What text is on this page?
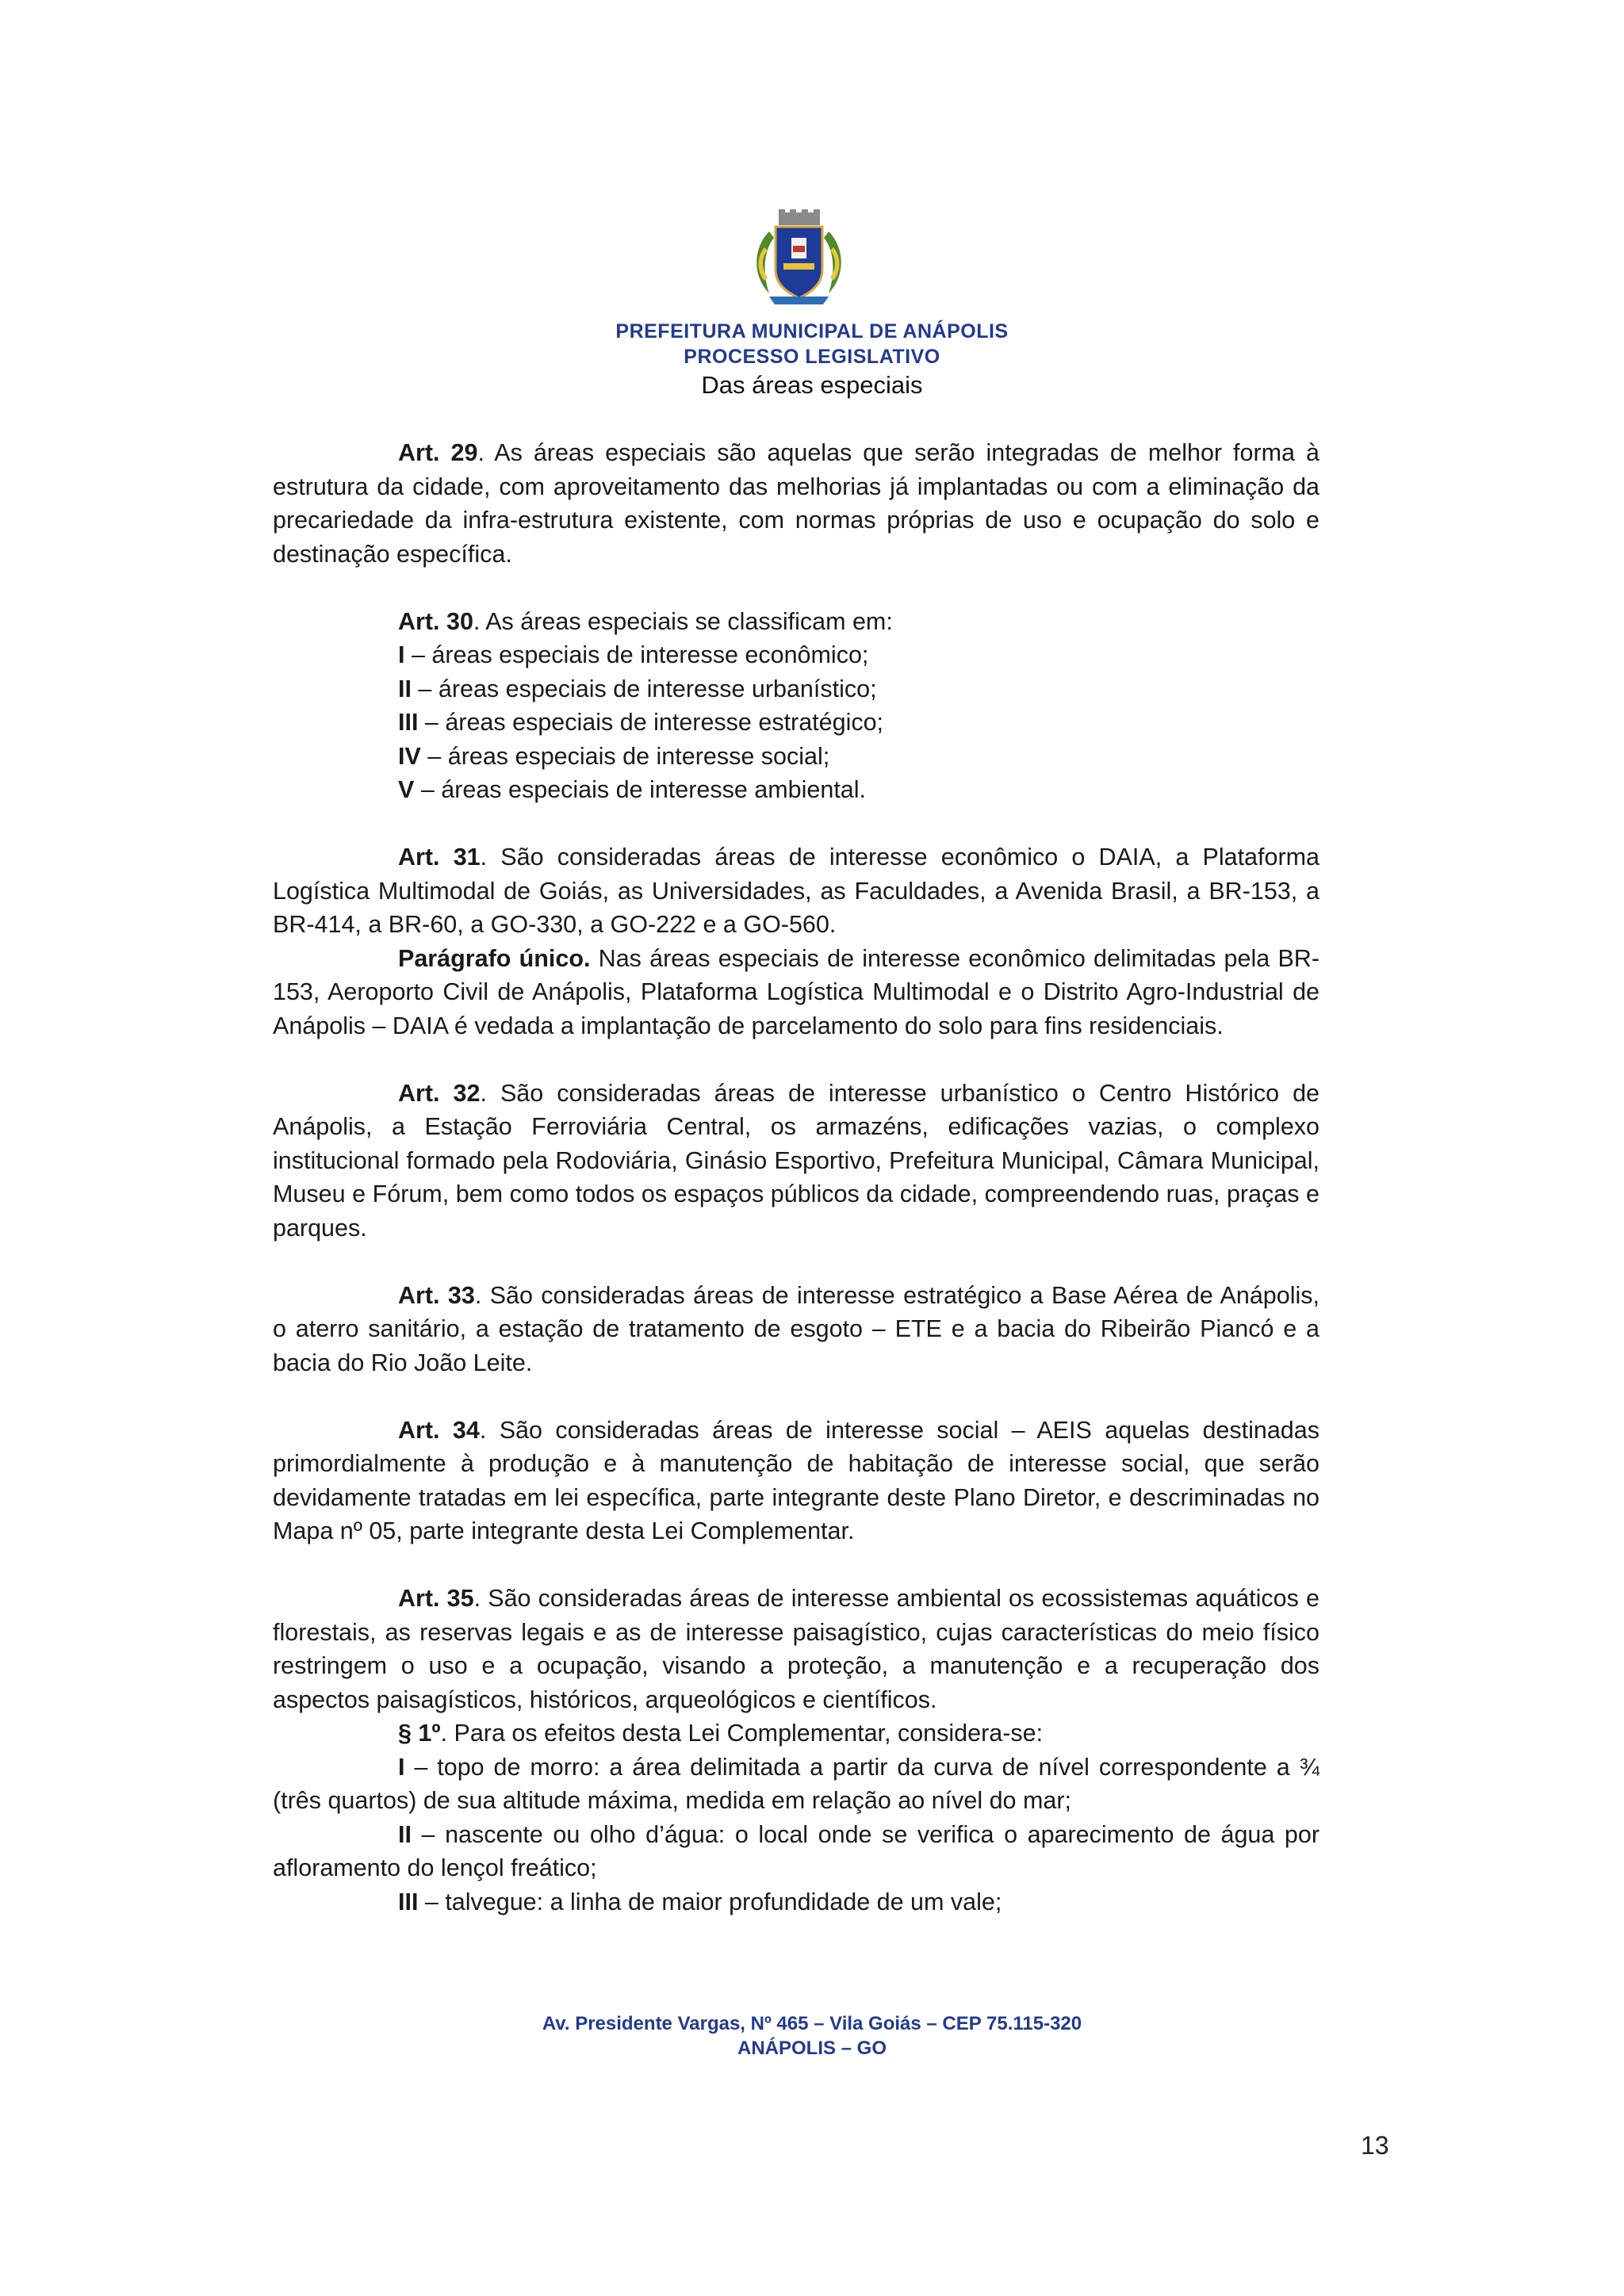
PREFEITURA MUNICIPAL DE ANÁPOLIS
PROCESSO LEGISLATIVO
Das áreas especiais

Art. 29. As áreas especiais são aquelas que serão integradas de melhor forma à estrutura da cidade, com aproveitamento das melhorias já implantadas ou com a eliminação da precariedade da infra-estrutura existente, com normas próprias de uso e ocupação do solo e destinação específica.

Art. 30. As áreas especiais se classificam em:

I – áreas especiais de interesse econômico;

II – áreas especiais de interesse urbanístico;

III – áreas especiais de interesse estratégico;

IV – áreas especiais de interesse social;

V – áreas especiais de interesse ambiental.

Art. 31. São consideradas áreas de interesse econômico o DAIA, a Plataforma Logística Multimodal de Goiás, as Universidades, as Faculdades, a Avenida Brasil, a BR-153, a BR-414, a BR-60, a GO-330, a GO-222 e a GO-560.

Parágrafo único. Nas áreas especiais de interesse econômico delimitadas pela BR-153, Aeroporto Civil de Anápolis, Plataforma Logística Multimodal e o Distrito Agro-Industrial de Anápolis – DAIA é vedada a implantação de parcelamento do solo para fins residenciais.

Art. 32. São consideradas áreas de interesse urbanístico o Centro Histórico de Anápolis, a Estação Ferroviária Central, os armazéns, edificações vazias, o complexo institucional formado pela Rodoviária, Ginásio Esportivo, Prefeitura Municipal, Câmara Municipal, Museu e Fórum, bem como todos os espaços públicos da cidade, compreendendo ruas, praças e parques.

Art. 33. São consideradas áreas de interesse estratégico a Base Aérea de Anápolis, o aterro sanitário, a estação de tratamento de esgoto – ETE e a bacia do Ribeirão Piancó e a bacia do Rio João Leite.

Art. 34. São consideradas áreas de interesse social – AEIS aquelas destinadas primordialmente à produção e à manutenção de habitação de interesse social, que serão devidamente tratadas em lei específica, parte integrante deste Plano Diretor, e descriminadas no Mapa nº 05, parte integrante desta Lei Complementar.

Art. 35. São consideradas áreas de interesse ambiental os ecossistemas aquáticos e florestais, as reservas legais e as de interesse paisagístico, cujas características do meio físico restringem o uso e a ocupação, visando a proteção, a manutenção e a recuperação dos aspectos paisagísticos, históricos, arqueológicos e científicos.

§ 1º. Para os efeitos desta Lei Complementar, considera-se:

I – topo de morro: a área delimitada a partir da curva de nível correspondente a ¾ (três quartos) de sua altitude máxima, medida em relação ao nível do mar;

II – nascente ou olho d’água: o local onde se verifica o aparecimento de água por afloramento do lençol freático;

III – talvegue: a linha de maior profundidade de um vale;

Av. Presidente Vargas, Nº 465 – Vila Goiás – CEP 75.115-320
ANÁPOLIS – GO
13
